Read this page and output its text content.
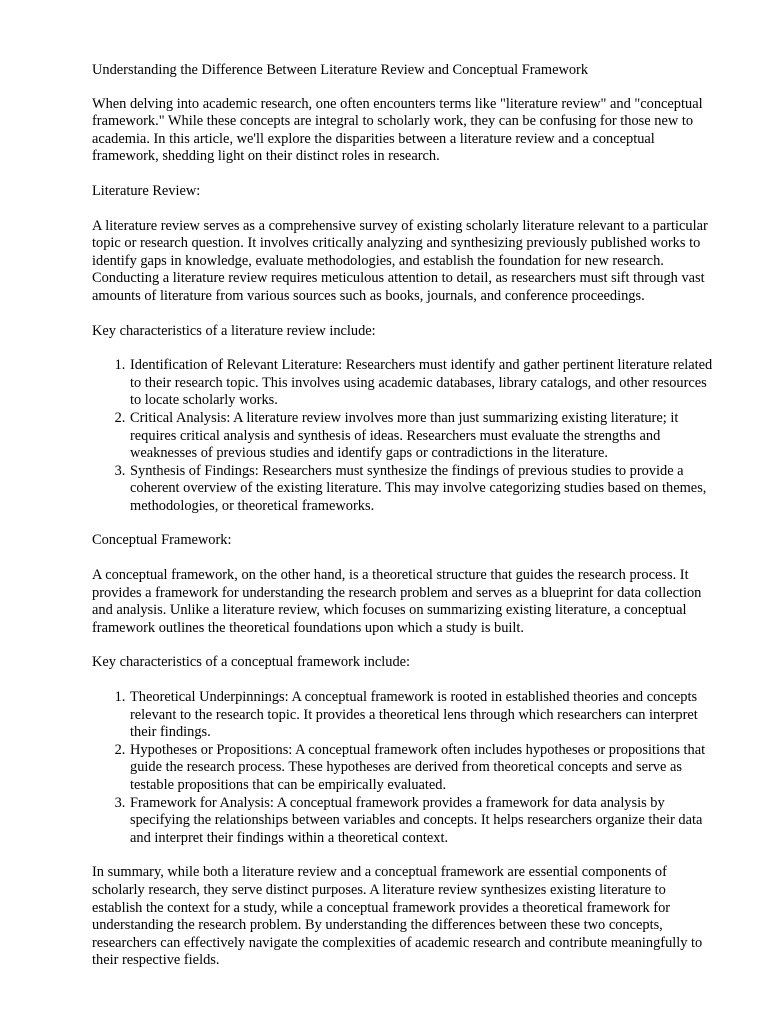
Understanding the Difference Between Literature Review and Conceptual Framework

When delving into academic research, one often encounters terms like "literature review" and "conceptual framework." While these concepts are integral to scholarly work, they can be confusing for those new to academia. In this article, we'll explore the disparities between a literature review and a conceptual framework, shedding light on their distinct roles in research.

Literature Review:

A literature review serves as a comprehensive survey of existing scholarly literature relevant to a particular topic or research question. It involves critically analyzing and synthesizing previously published works to identify gaps in knowledge, evaluate methodologies, and establish the foundation for new research. Conducting a literature review requires meticulous attention to detail, as researchers must sift through vast amounts of literature from various sources such as books, journals, and conference proceedings.

Key characteristics of a literature review include:

1. Identification of Relevant Literature: Researchers must identify and gather pertinent literature related to their research topic. This involves using academic databases, library catalogs, and other resources to locate scholarly works.
2. Critical Analysis: A literature review involves more than just summarizing existing literature; it requires critical analysis and synthesis of ideas. Researchers must evaluate the strengths and weaknesses of previous studies and identify gaps or contradictions in the literature.
3. Synthesis of Findings: Researchers must synthesize the findings of previous studies to provide a coherent overview of the existing literature. This may involve categorizing studies based on themes, methodologies, or theoretical frameworks.

Conceptual Framework:

A conceptual framework, on the other hand, is a theoretical structure that guides the research process. It provides a framework for understanding the research problem and serves as a blueprint for data collection and analysis. Unlike a literature review, which focuses on summarizing existing literature, a conceptual framework outlines the theoretical foundations upon which a study is built.

Key characteristics of a conceptual framework include:

1. Theoretical Underpinnings: A conceptual framework is rooted in established theories and concepts relevant to the research topic. It provides a theoretical lens through which researchers can interpret their findings.
2. Hypotheses or Propositions: A conceptual framework often includes hypotheses or propositions that guide the research process. These hypotheses are derived from theoretical concepts and serve as testable propositions that can be empirically evaluated.
3. Framework for Analysis: A conceptual framework provides a framework for data analysis by specifying the relationships between variables and concepts. It helps researchers organize their data and interpret their findings within a theoretical context.

In summary, while both a literature review and a conceptual framework are essential components of scholarly research, they serve distinct purposes. A literature review synthesizes existing literature to establish the context for a study, while a conceptual framework provides a theoretical framework for understanding the research problem. By understanding the differences between these two concepts, researchers can effectively navigate the complexities of academic research and contribute meaningfully to their respective fields.
